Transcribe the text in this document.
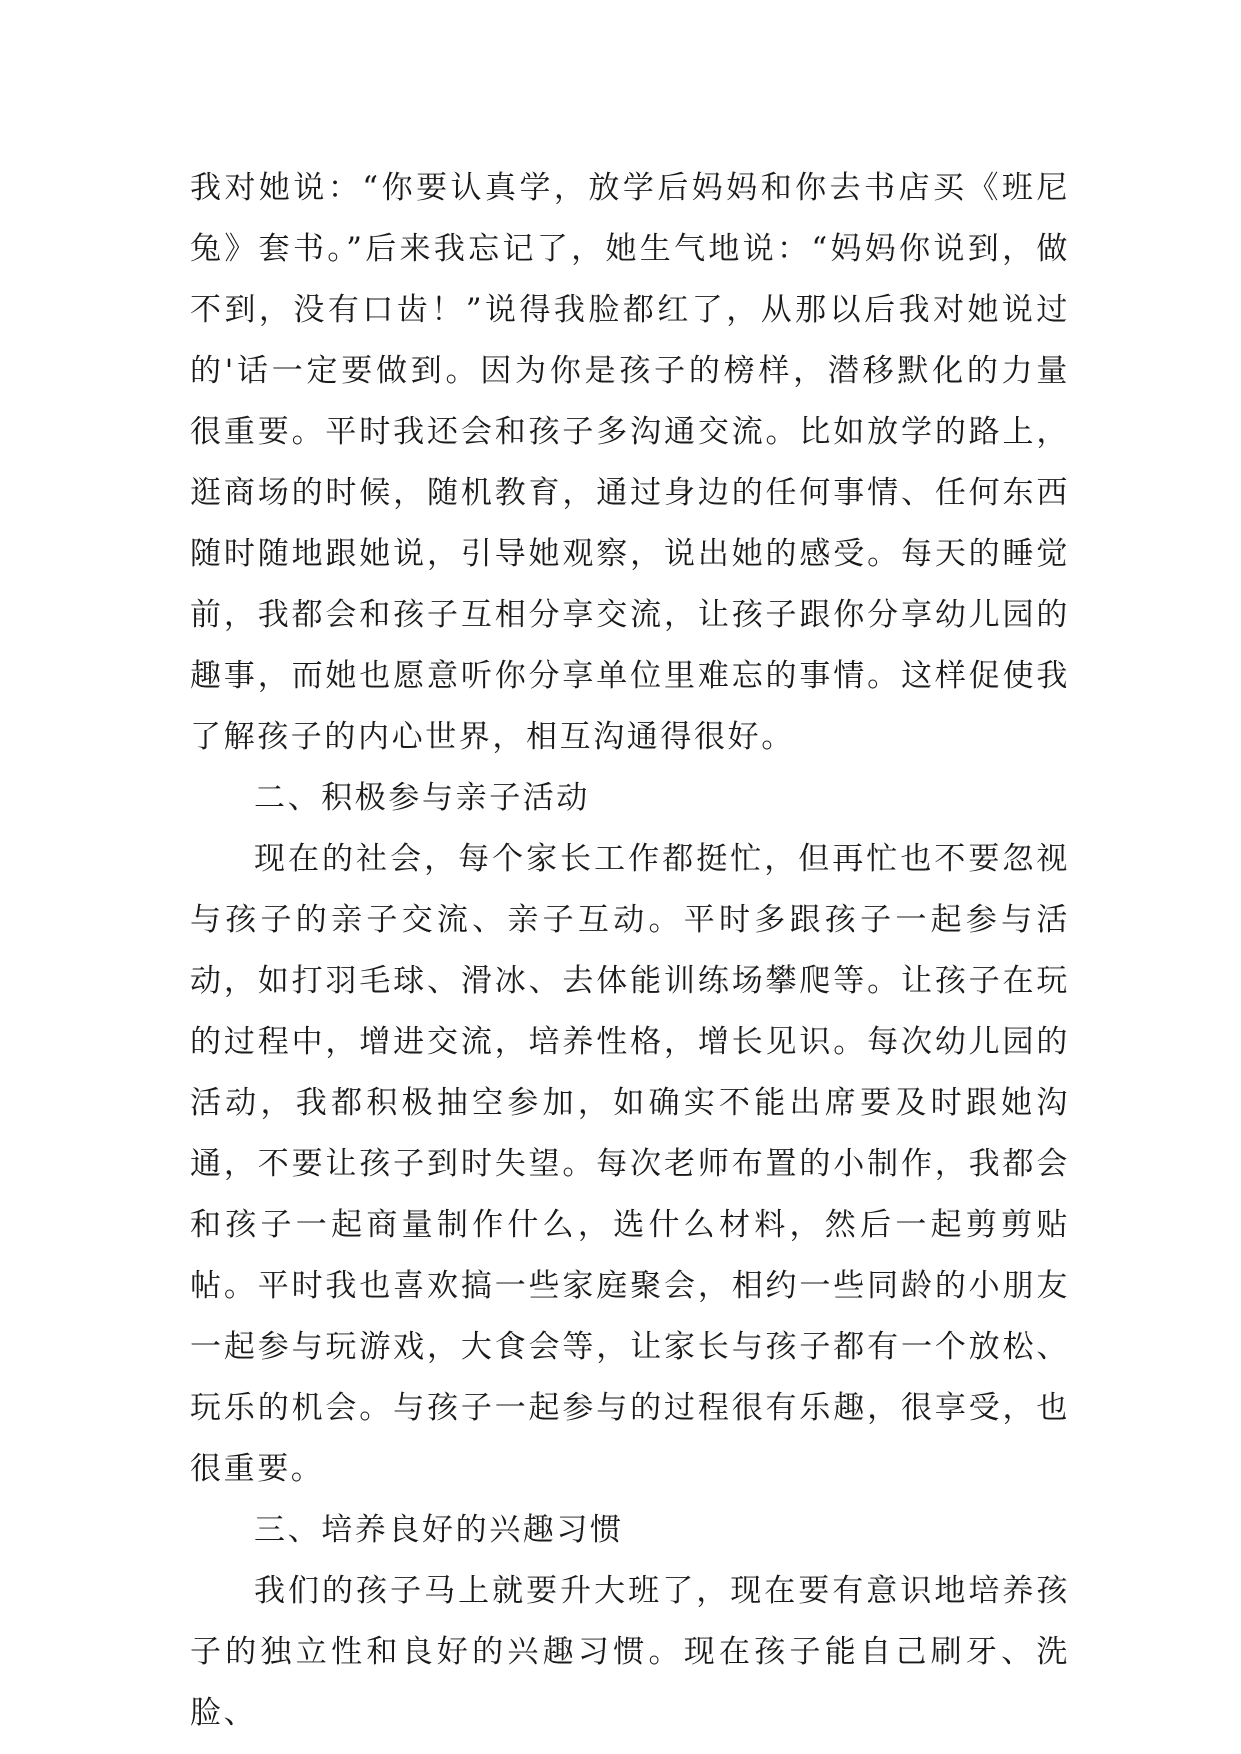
我对她说：“你要认真学，放学后妈妈和你去书店买《班尼兔》套书。”后来我忘记了，她生气地说：“妈妈你说到，做不到，没有口齿！”说得我脸都红了，从那以后我对她说过的'话一定要做到。因为你是孩子的榜样，潜移默化的力量很重要。平时我还会和孩子多沟通交流。比如放学的路上，逛商场的时候，随机教育，通过身边的任何事情、任何东西随时随地跟她说，引导她观察，说出她的感受。每天的睡觉前，我都会和孩子互相分享交流，让孩子跟你分享幼儿园的趣事，而她也愿意听你分享单位里难忘的事情。这样促使我了解孩子的内心世界，相互沟通得很好。

二、积极参与亲子活动

现在的社会，每个家长工作都挺忙，但再忙也不要忽视与孩子的亲子交流、亲子互动。平时多跟孩子一起参与活动，如打羽毛球、滑冰、去体能训练场攀爬等。让孩子在玩的过程中，增进交流，培养性格，增长见识。每次幼儿园的活动，我都积极抽空参加，如确实不能出席要及时跟她沟通，不要让孩子到时失望。每次老师布置的小制作，我都会和孩子一起商量制作什么，选什么材料，然后一起剪剪贴帖。平时我也喜欢搞一些家庭聚会，相约一些同龄的小朋友一起参与玩游戏，大食会等，让家长与孩子都有一个放松、玩乐的机会。与孩子一起参与的过程很有乐趣，很享受，也很重要。

三、培养良好的兴趣习惯

我们的孩子马上就要升大班了，现在要有意识地培养孩子的独立性和良好的兴趣习惯。现在孩子能自己刷牙、洗脸、
